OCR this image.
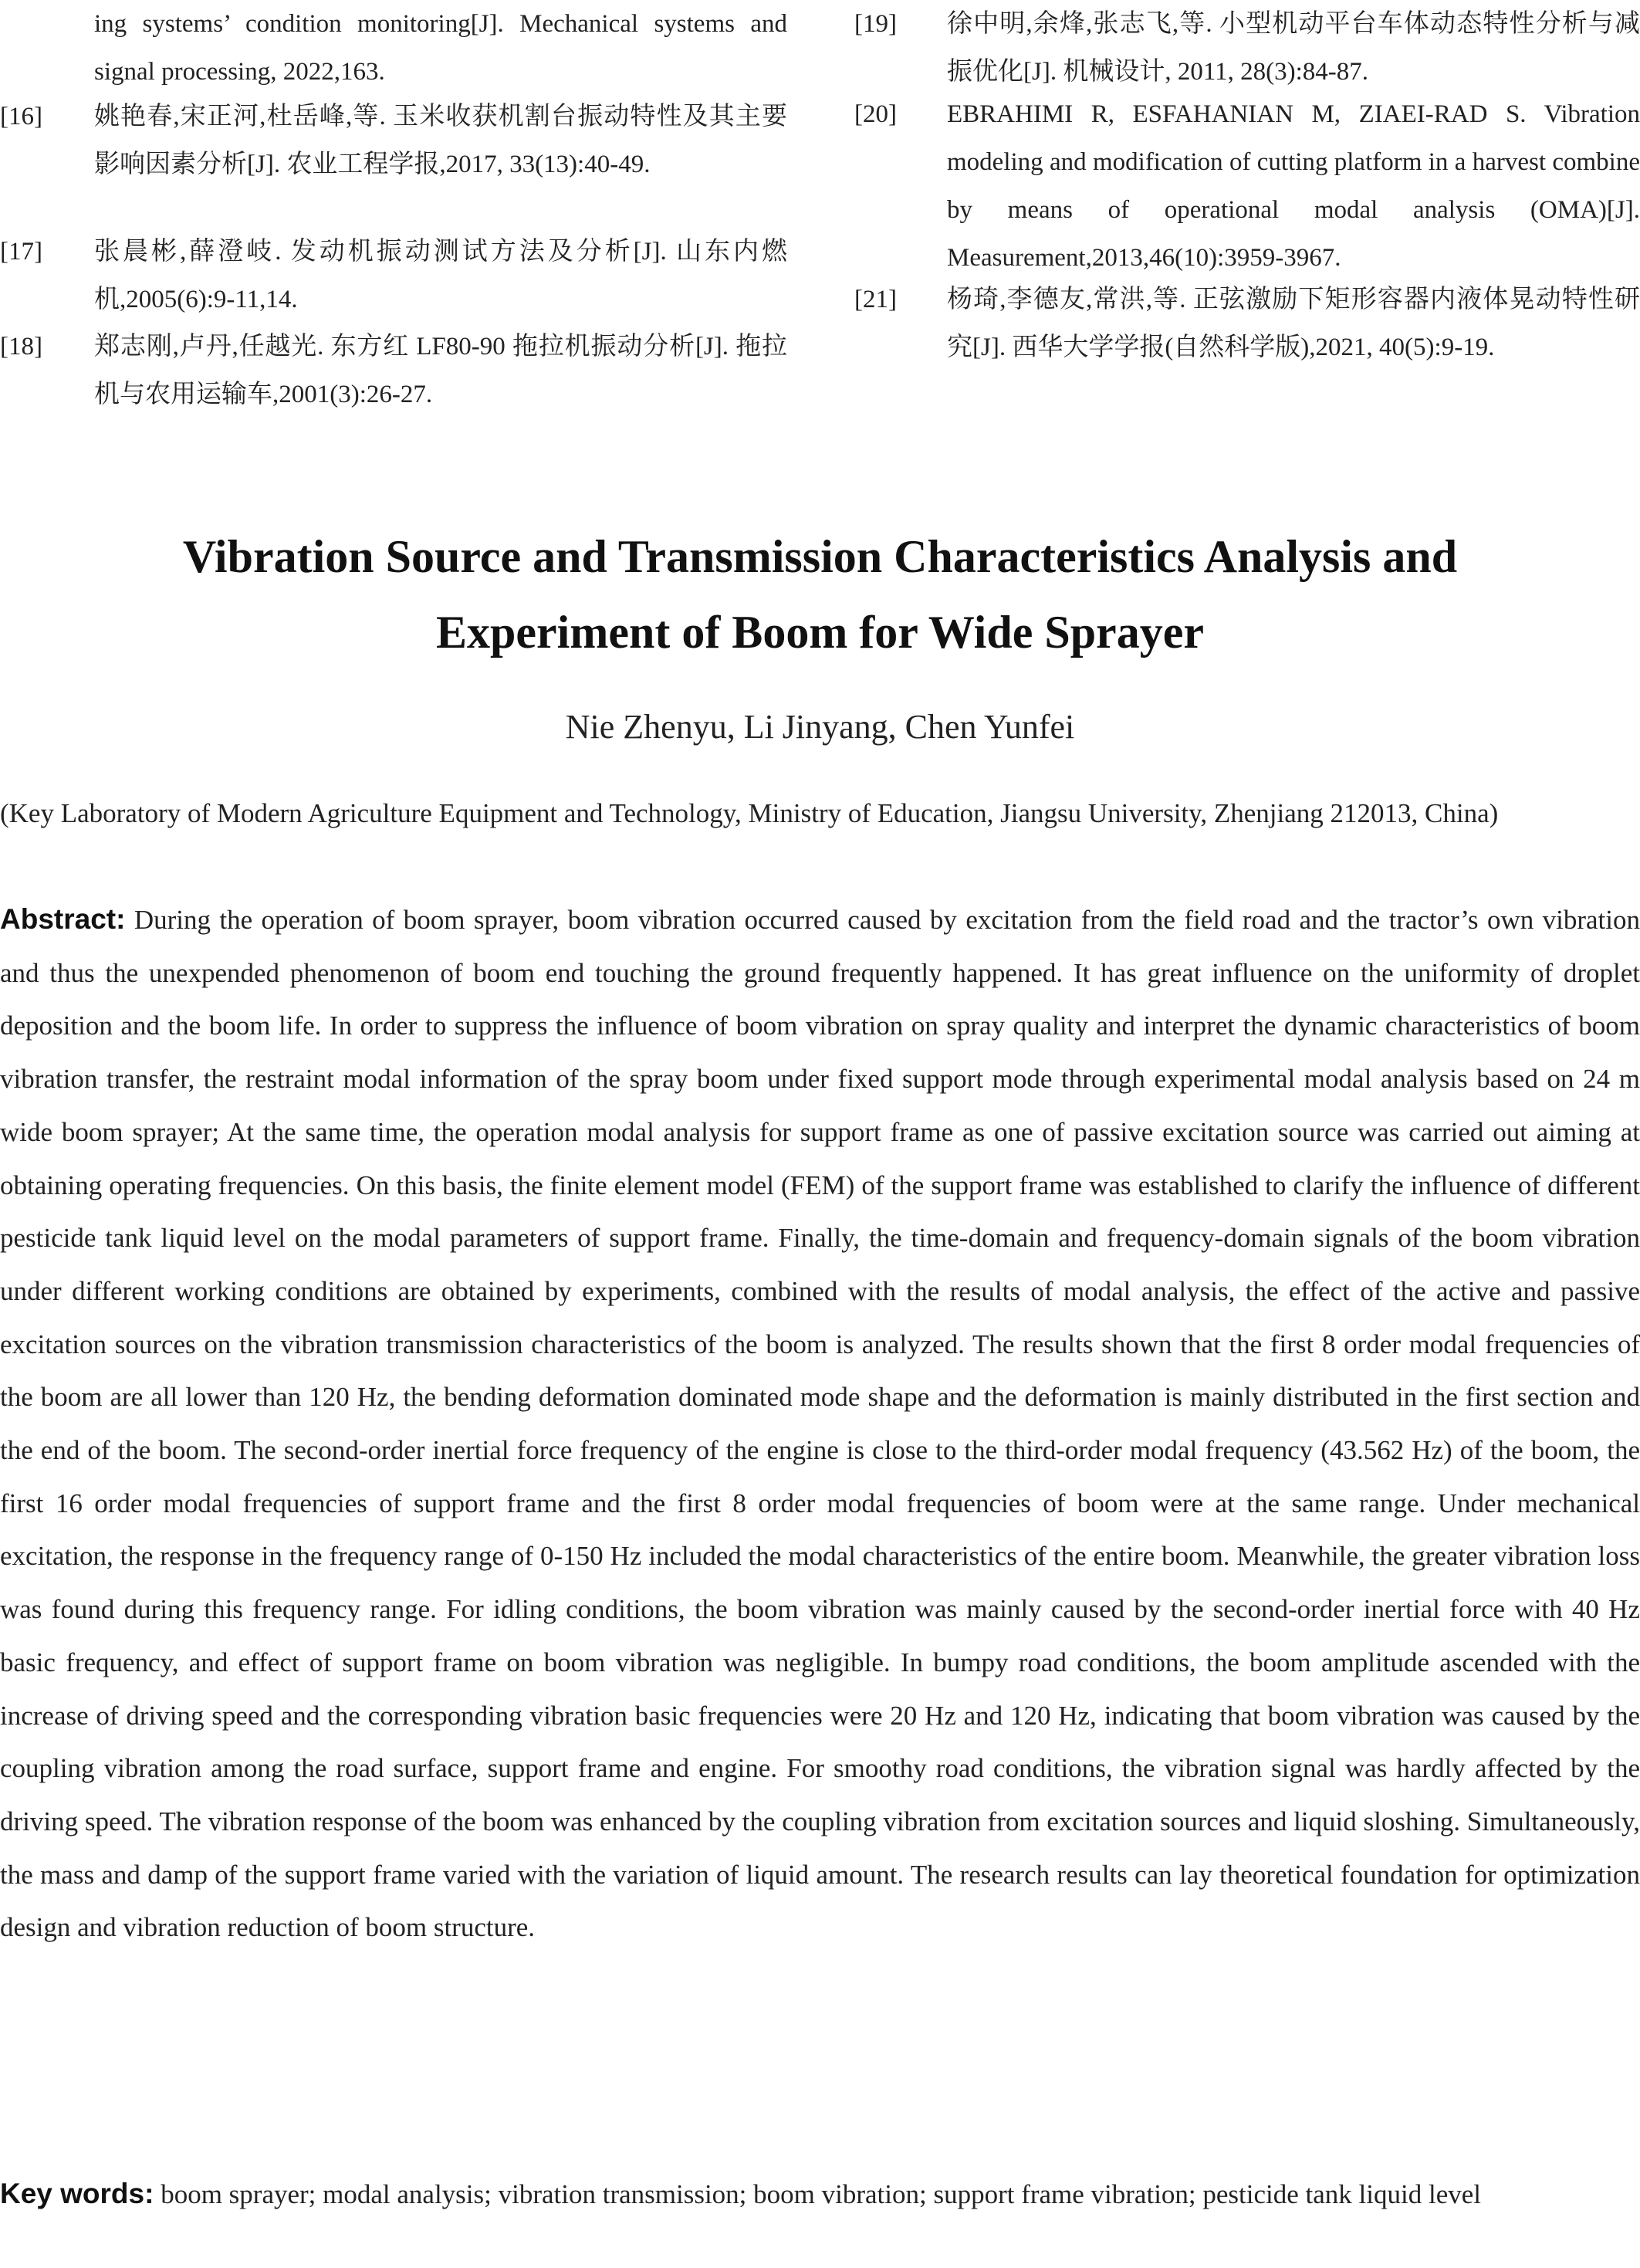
ing systems’ condition monitoring[J]. Mechanical systems and signal processing, 2022,163.
[16]	姚艳春,宋正河,杜岳峰,等. 玉米收获机割台振动特性及其主要影响因素分析[J]. 农业工程学报,2017, 33(13):40-49.
[17]	张晨彬,薛澄岐. 发动机振动测试方法及分析[J]. 山东内燃机,2005(6):9-11,14.
[18]	郑志刚,卢丹,任越光. 东方红 LF80-90 拖拉机振动分析[J]. 拖拉机与农用运输车,2001(3):26-27.
[19]	徐中明,余烽,张志飞,等. 小型机动平台车体动态特性分析与减振优化[J]. 机械设计, 2011, 28(3):84-87.
[20]	EBRAHIMI R, ESFAHANIAN M, ZIAEI-RAD S. Vibration modeling and modification of cutting platform in a harvest combine by means of operational modal analysis (OMA)[J]. Measurement,2013,46(10):3959-3967.
[21]	杨琦,李德友,常洪,等. 正弦激励下矩形容器内液体晃动特性研究[J]. 西华大学学报(自然科学版),2021, 40(5):9-19.
Vibration Source and Transmission Characteristics Analysis and Experiment of Boom for Wide Sprayer
Nie Zhenyu, Li Jinyang, Chen Yunfei
(Key Laboratory of Modern Agriculture Equipment and Technology, Ministry of Education, Jiangsu University, Zhenjiang 212013, China)
Abstract: During the operation of boom sprayer, boom vibration occurred caused by excitation from the field road and the tractor’s own vibration and thus the unexpended phenomenon of boom end touching the ground frequently happened. It has great influence on the uniformity of droplet deposition and the boom life. In order to suppress the influence of boom vibration on spray quality and interpret the dynamic characteristics of boom vibration transfer, the restraint modal information of the spray boom under fixed support mode through experimental modal analysis based on 24 m wide boom sprayer; At the same time, the operation modal analysis for support frame as one of passive excitation source was carried out aiming at obtaining operating frequencies. On this basis, the finite element model (FEM) of the support frame was established to clarify the influence of different pesticide tank liquid level on the modal parameters of support frame. Finally, the time-domain and frequency-domain signals of the boom vibration under different working conditions are obtained by experiments, combined with the results of modal analysis, the effect of the active and passive excitation sources on the vibration transmission characteristics of the boom is analyzed. The results shown that the first 8 order modal frequencies of the boom are all lower than 120 Hz, the bending deformation dominated mode shape and the deformation is mainly distributed in the first section and the end of the boom. The second-order inertial force frequency of the engine is close to the third-order modal frequency (43.562 Hz) of the boom, the first 16 order modal frequencies of support frame and the first 8 order modal frequencies of boom were at the same range. Under mechanical excitation, the response in the frequency range of 0-150 Hz included the modal characteristics of the entire boom. Meanwhile, the greater vibration loss was found during this frequency range. For idling conditions, the boom vibration was mainly caused by the second-order inertial force with 40 Hz basic frequency, and effect of support frame on boom vibration was negligible. In bumpy road conditions, the boom amplitude ascended with the increase of driving speed and the corresponding vibration basic frequencies were 20 Hz and 120 Hz, indicating that boom vibration was caused by the coupling vibration among the road surface, support frame and engine. For smoothy road conditions, the vibration signal was hardly affected by the driving speed. The vibration response of the boom was enhanced by the coupling vibration from excitation sources and liquid sloshing. Simultaneously, the mass and damp of the support frame varied with the variation of liquid amount. The research results can lay theoretical foundation for optimization design and vibration reduction of boom structure.
Key words: boom sprayer; modal analysis; vibration transmission; boom vibration; support frame vibration; pesticide tank liquid level
